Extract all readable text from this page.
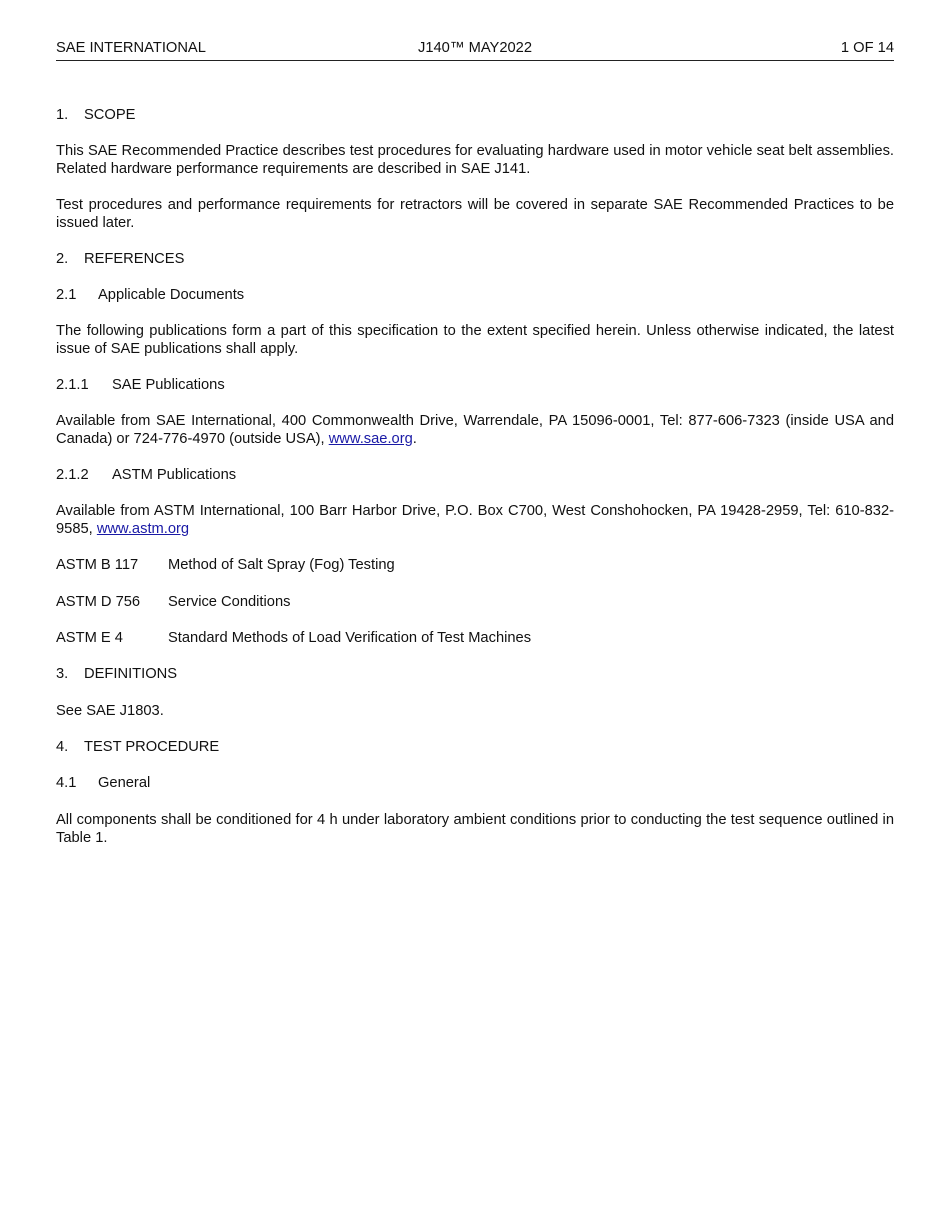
SAE INTERNATIONAL	J140™ MAY2022	1 OF 14
1. SCOPE
This SAE Recommended Practice describes test procedures for evaluating hardware used in motor vehicle seat belt assemblies. Related hardware performance requirements are described in SAE J141.
Test procedures and performance requirements for retractors will be covered in separate SAE Recommended Practices to be issued later.
2. REFERENCES
2.1 Applicable Documents
The following publications form a part of this specification to the extent specified herein. Unless otherwise indicated, the latest issue of SAE publications shall apply.
2.1.1 SAE Publications
Available from SAE International, 400 Commonwealth Drive, Warrendale, PA 15096-0001, Tel: 877-606-7323 (inside USA and Canada) or 724-776-4970 (outside USA), www.sae.org.
2.1.2 ASTM Publications
Available from ASTM International, 100 Barr Harbor Drive, P.O. Box C700, West Conshohocken, PA 19428-2959, Tel: 610-832-9585, www.astm.org
ASTM B 117 Method of Salt Spray (Fog) Testing
ASTM D 756 Service Conditions
ASTM E 4	Standard Methods of Load Verification of Test Machines
3. DEFINITIONS
See SAE J1803.
4. TEST PROCEDURE
4.1 General
All components shall be conditioned for 4 h under laboratory ambient conditions prior to conducting the test sequence outlined in Table 1.
